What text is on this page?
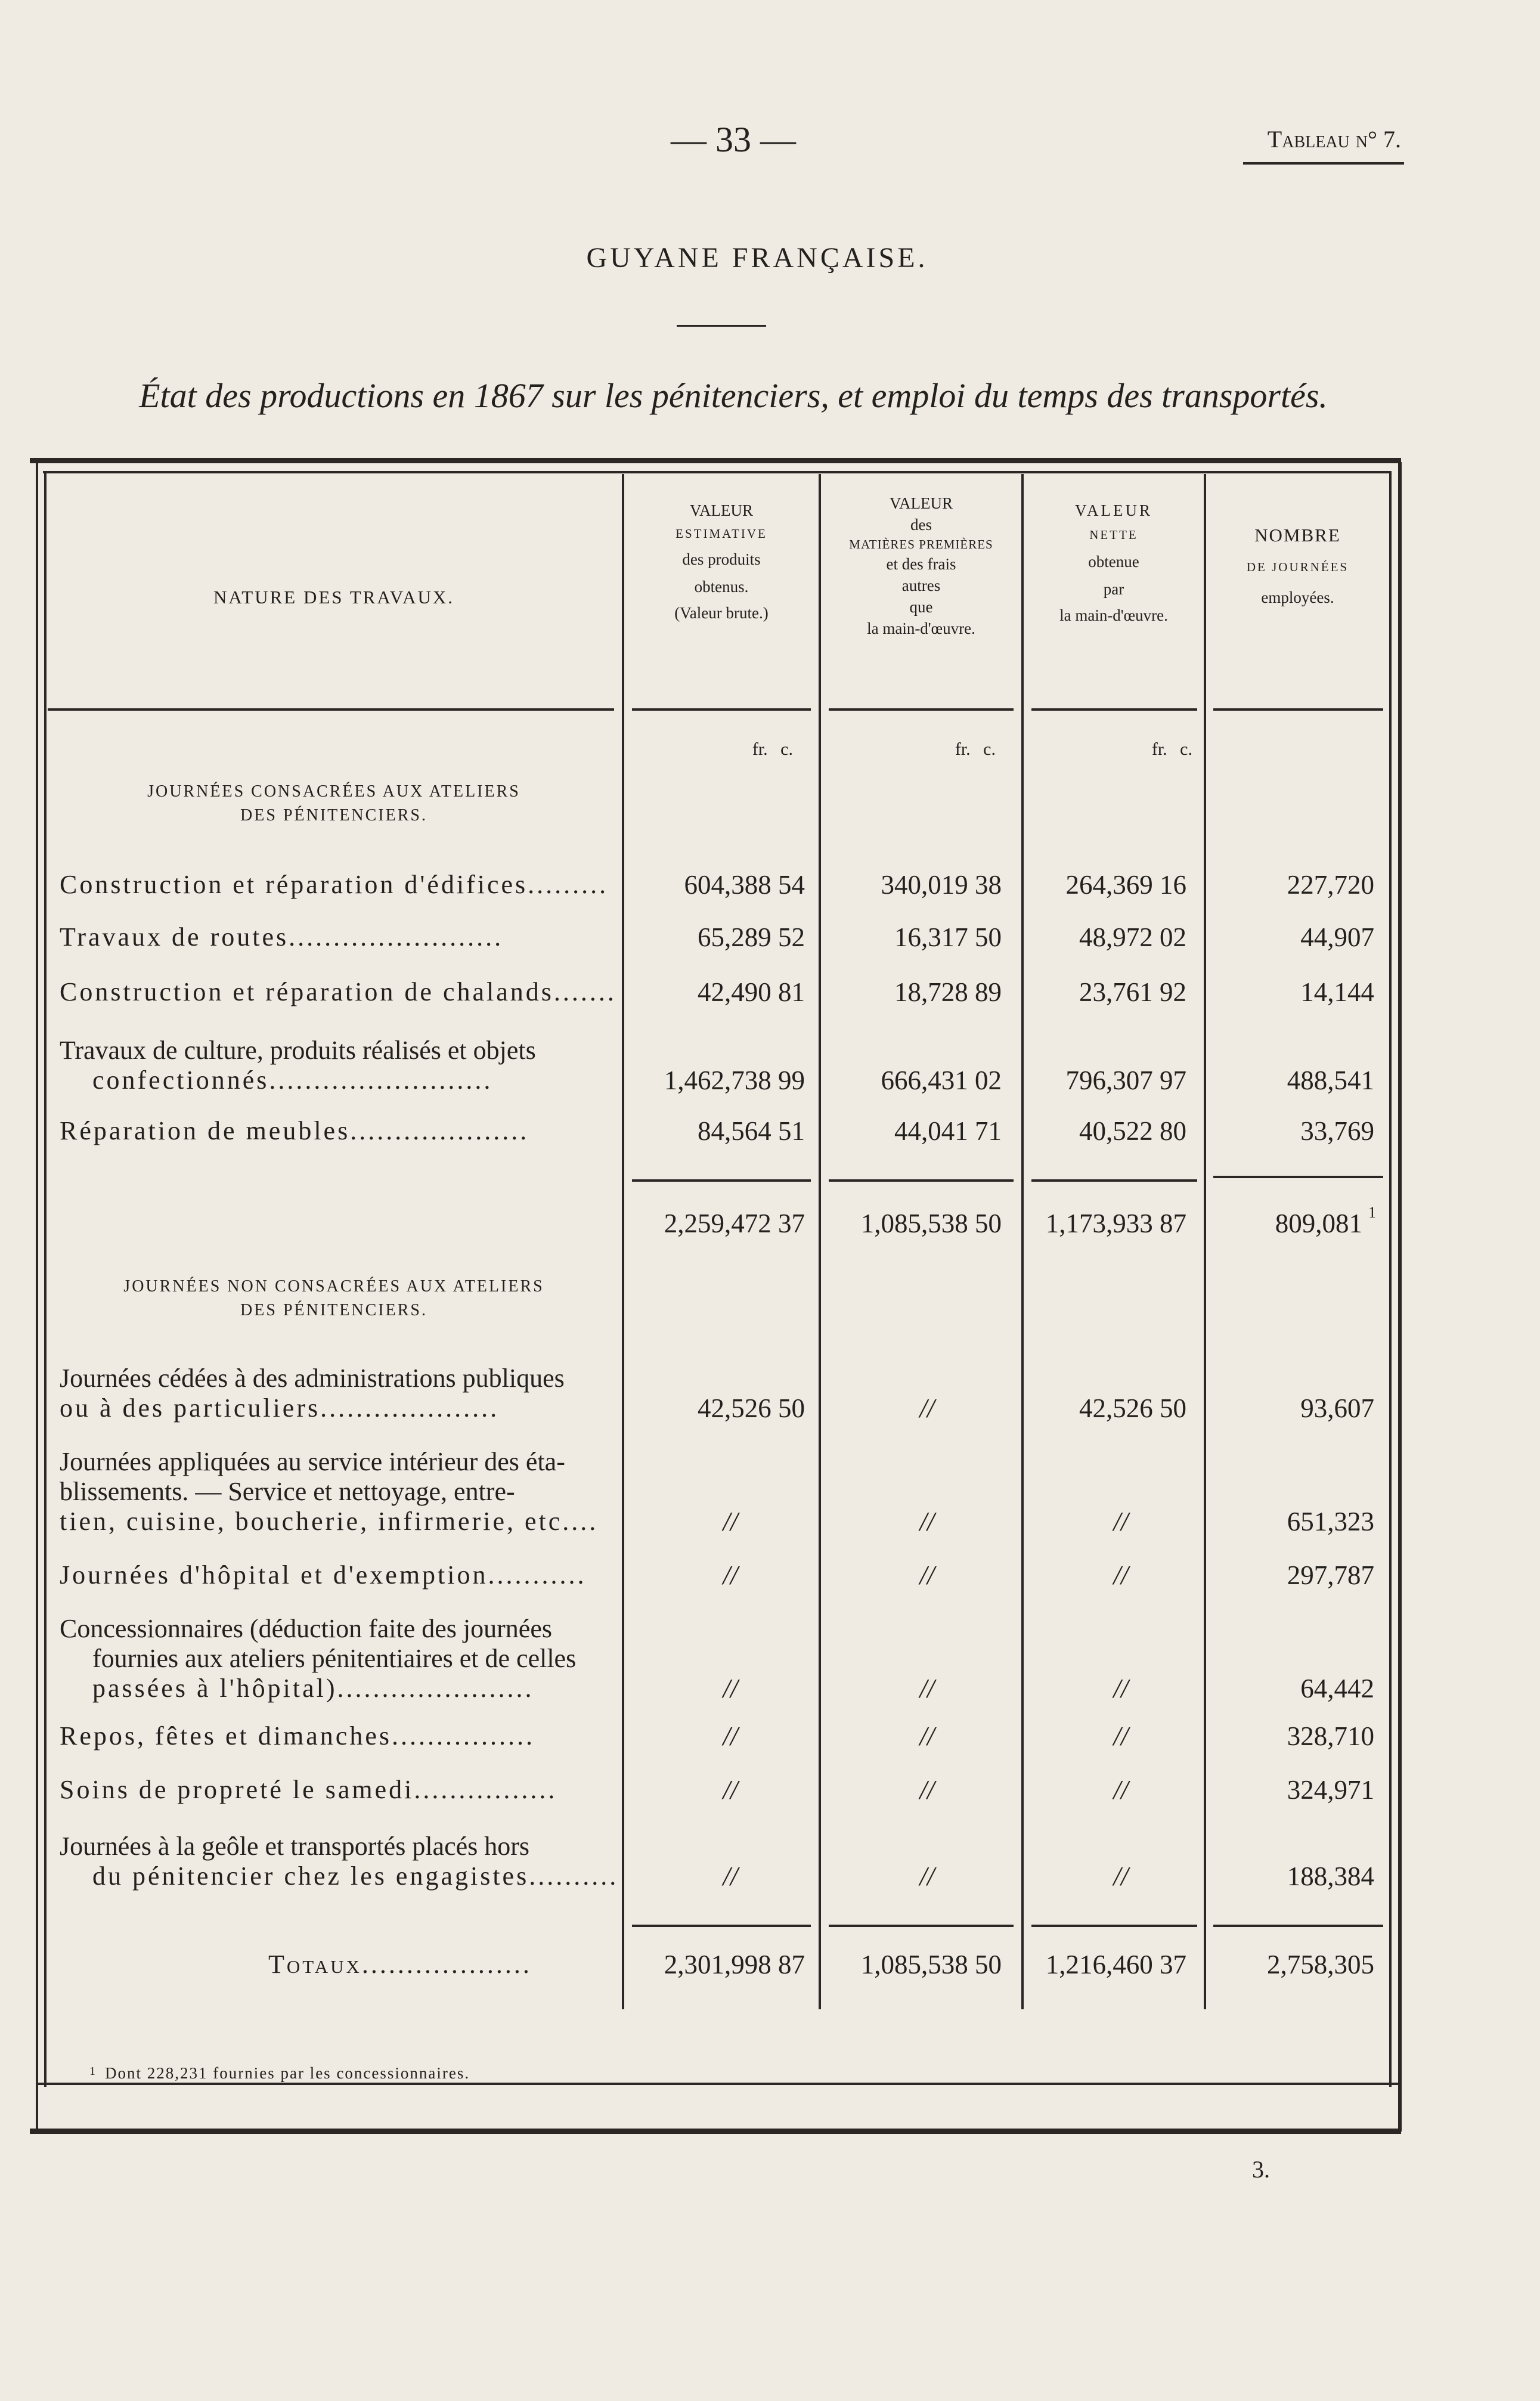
— 33 —	Tableau n° 7.
GUYANE FRANÇAISE.
État des productions en 1867 sur les pénitenciers, et emploi du temps des transportés.
NATURE DES TRAVAUX.
VALEUR
ESTIMATIVE
des produits
obtenus.
(Valeur brute.)
VALEUR
des
MATIÈRES PREMIÈRES
et des frais
autres
que
la main-d'œuvre.
VALEUR
NETTE
obtenue
par
la main-d'œuvre.
NOMBRE
DE JOURNÉES
employées.
fr. c.	fr. c.	fr. c.
JOURNÉES CONSACRÉES AUX ATELIERS
DES PÉNITENCIERS.
Construction et réparation d'édifices.........	604,388 54	340,019 38	264,369 16	227,720
Travaux de routes........................	65,289 52	16,317 50	48,972 02	44,907
Construction et réparation de chalands.......	42,490 81	18,728 89	23,761 92	14,144
Travaux de culture, produits réalisés et objets
confectionnés.........................	1,462,738 99	666,431 02	796,307 97	488,541
Réparation de meubles....................	84,564 51	44,041 71	40,522 80	33,769
2,259,472 37	1,085,538 50	1,173,933 87	809,081 1
JOURNÉES NON CONSACRÉES AUX ATELIERS
DES PÉNITENCIERS.
Journées cédées à des administrations publiques
ou à des particuliers....................	42,526 50	//	42,526 50	93,607
Journées appliquées au service intérieur des éta-
blissements. — Service et nettoyage, entre-
tien, cuisine, boucherie, infirmerie, etc....	//	//	//	651,323
Journées d'hôpital et d'exemption...........	//	//	//	297,787
Concessionnaires (déduction faite des journées
fournies aux ateliers pénitentiaires et de celles
passées à l'hôpital)......................	//	//	//	64,442
Repos, fêtes et dimanches................	//	//	//	328,710
Soins de propreté le samedi................	//	//	//	324,971
Journées à la geôle et transportés placés hors
du pénitencier chez les engagistes..........	//	//	//	188,384
Totaux...................	2,301,998 87	1,085,538 50	1,216,460 37	2,758,305
$^1$ Dont 228,231 fournies par les concessionnaires.
3.
